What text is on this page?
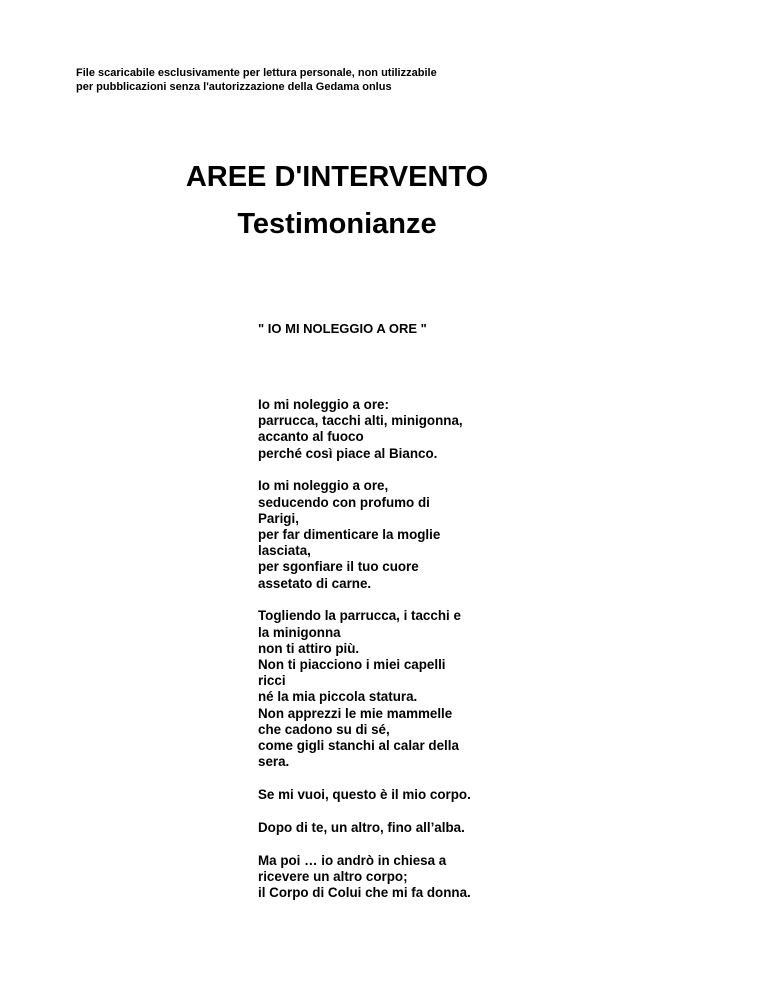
File scaricabile esclusivamente per lettura personale, non utilizzabile
per pubblicazioni senza l'autorizzazione della Gedama onlus
AREE D'INTERVENTO
Testimonianze
" IO MI NOLEGGIO A ORE "
Io mi noleggio a ore:
parrucca, tacchi alti, minigonna,
accanto al fuoco
perché così piace al Bianco.
Io mi noleggio a ore,
seducendo con profumo di
Parigi,
per far dimenticare la moglie
lasciata,
per sgonfiare il tuo cuore
assetato di carne.
Togliendo la parrucca, i tacchi e
la minigonna
non ti attiro più.
Non ti piacciono i miei capelli
ricci
né la mia piccola statura.
Non apprezzi le mie mammelle
che cadono su di sé,
come gigli stanchi al calar della
sera.
Se mi vuoi, questo è il mio corpo.
Dopo di te, un altro, fino all’alba.
Ma poi … io andrò in chiesa a
ricevere un altro corpo;
il Corpo di Colui che mi fa donna.
